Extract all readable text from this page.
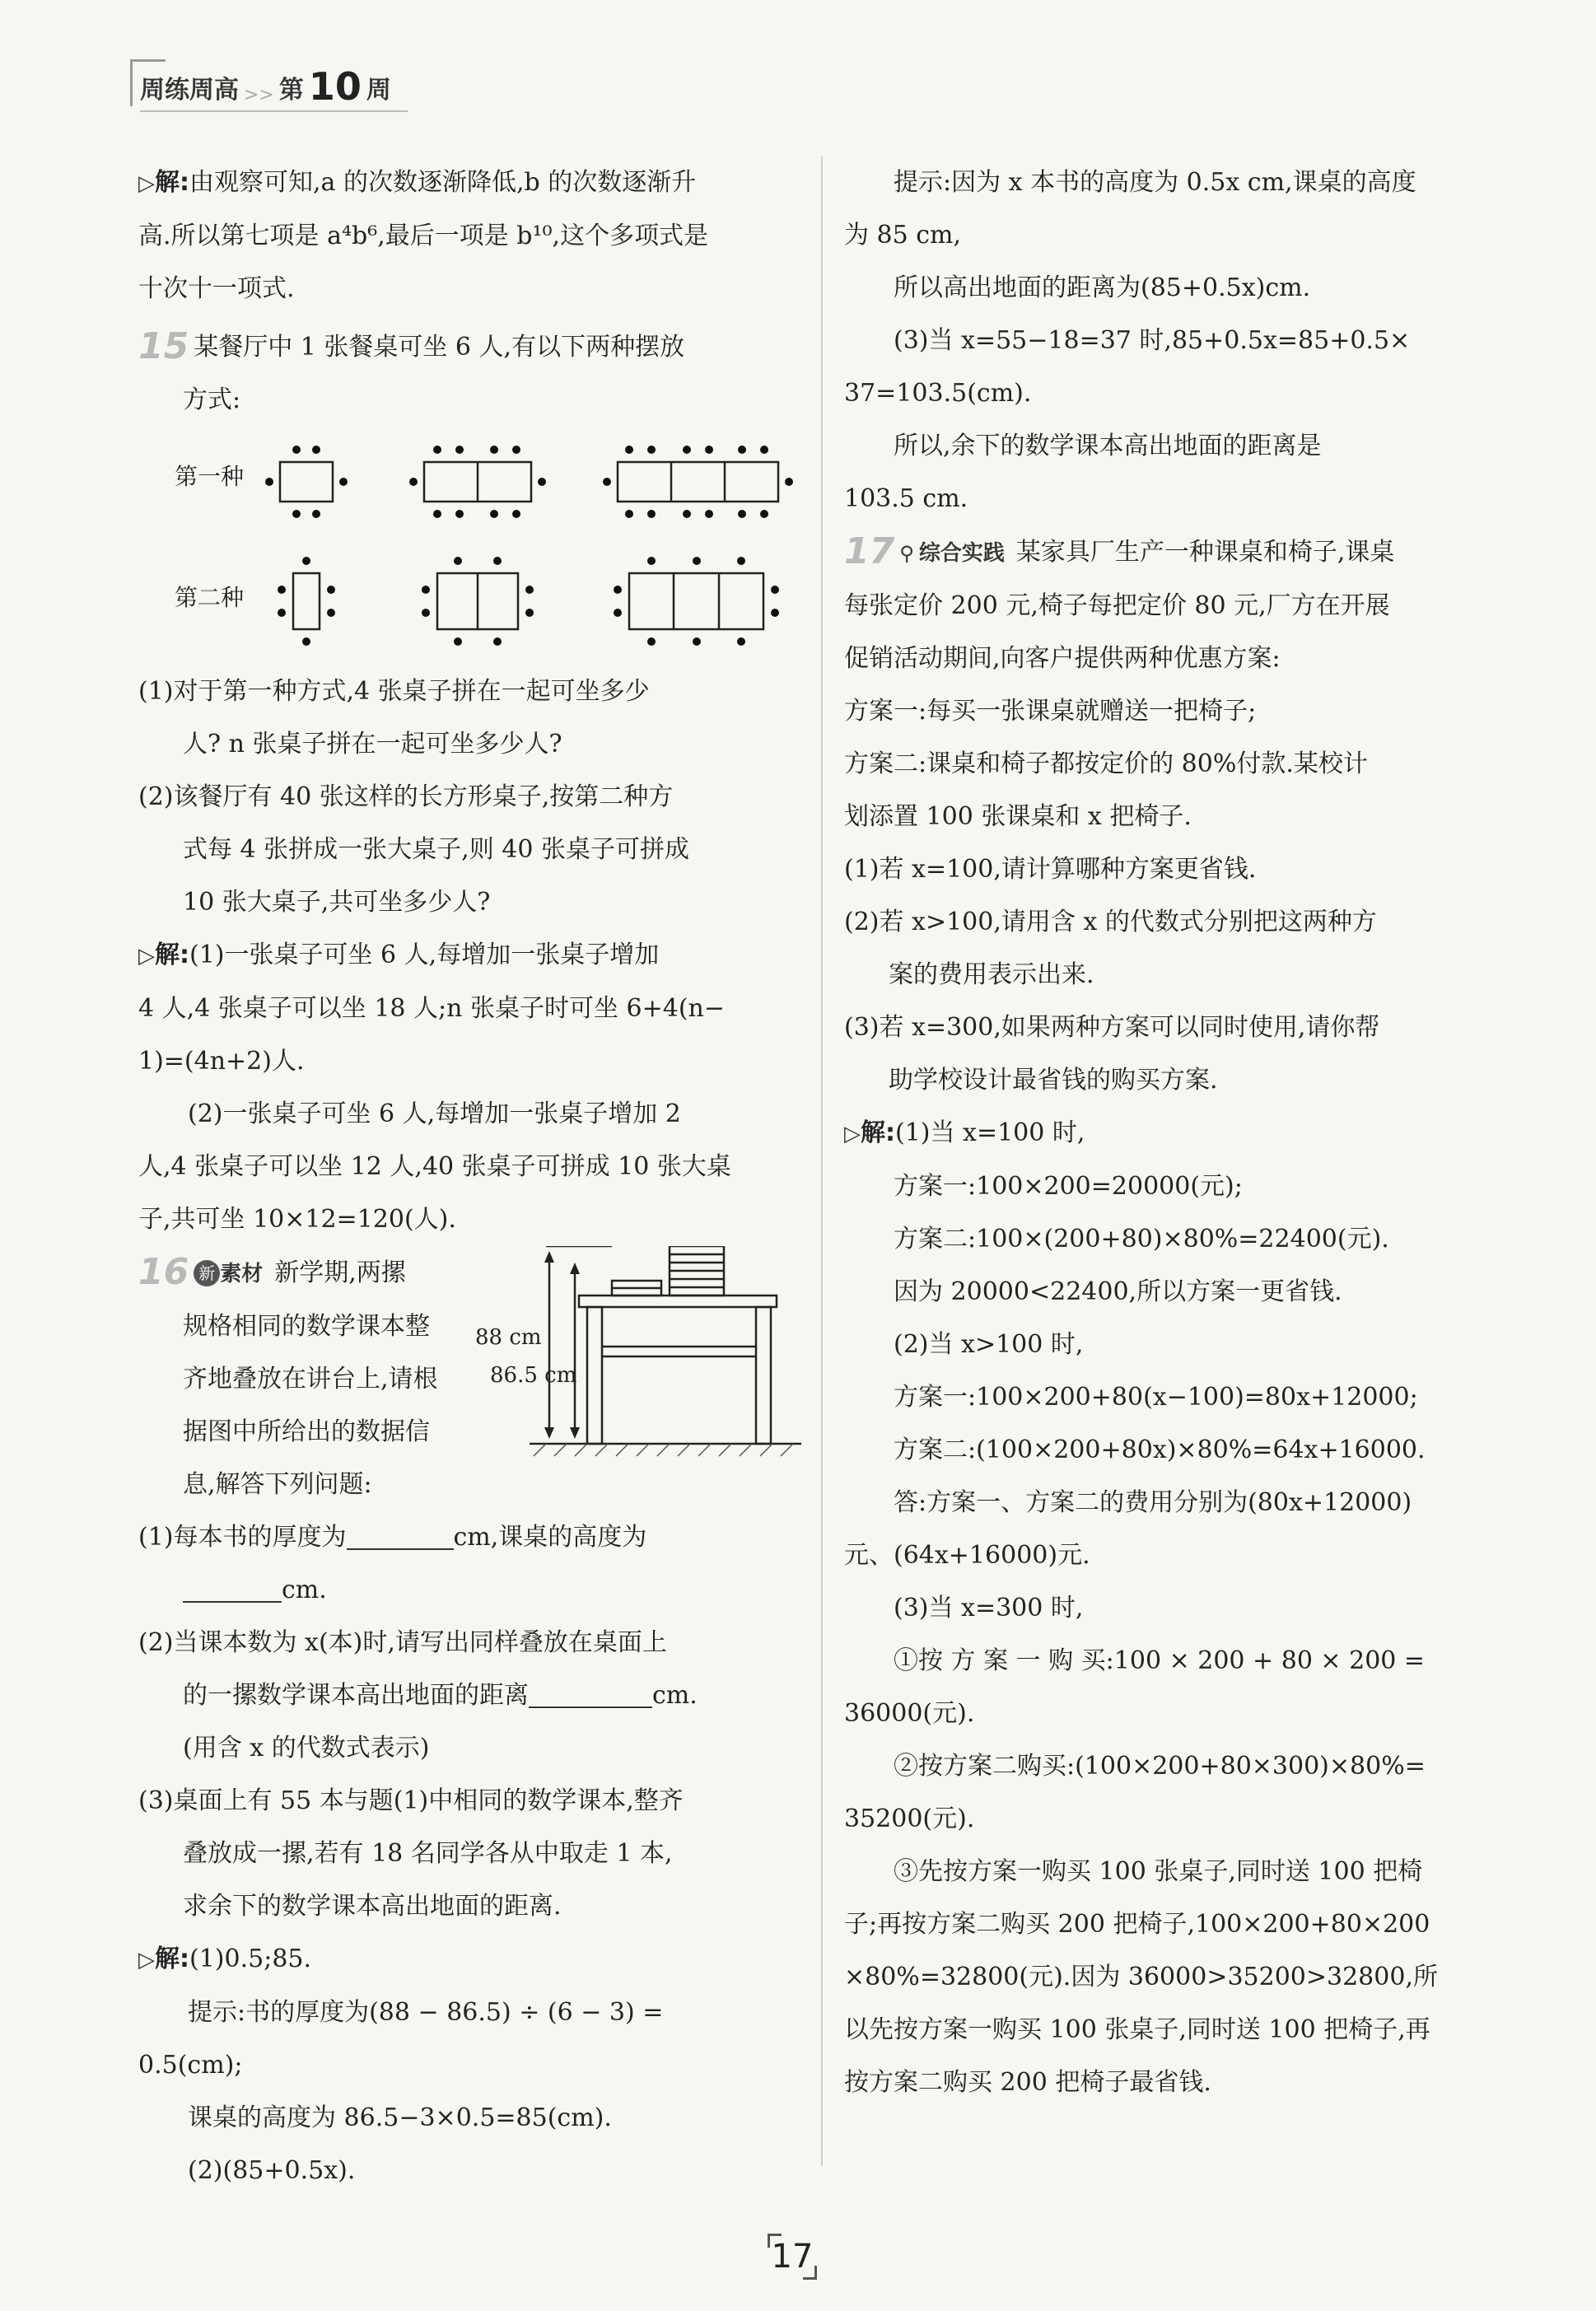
周练周高 >> 第 10 周

▷解:由观察可知,a 的次数逐渐降低,b 的次数逐渐升

高.所以第七项是 a⁴b⁶,最后一项是 b¹⁰,这个多项式是

十次十一项式.

15 某餐厅中 1 张餐桌可坐 6 人,有以下两种摆放

方式:

第一种
第二种

(1)对于第一种方式,4 张桌子拼在一起可坐多少

人? n 张桌子拼在一起可坐多少人?

(2)该餐厅有 40 张这样的长方形桌子,按第二种方

式每 4 张拼成一张大桌子,则 40 张桌子可拼成

10 张大桌子,共可坐多少人?

▷解:(1)一张桌子可坐 6 人,每增加一张桌子增加

4 人,4 张桌子可以坐 18 人;n 张桌子时可坐 6+4(n−

1)=(4n+2)人.

(2)一张桌子可坐 6 人,每增加一张桌子增加 2

人,4 张桌子可以坐 12 人,40 张桌子可拼成 10 张大桌

子,共可坐 10×12=120(人).

88 cm
86.5 cm

16 新 素材 新学期,两摞

规格相同的数学课本整

齐地叠放在讲台上,请根

据图中所给出的数据信

息,解答下列问题:

(1)每本书的厚度为	cm,课桌的高度为

cm.

(2)当课本数为 x(本)时,请写出同样叠放在桌面上

的一摞数学课本高出地面的距离	cm.

(用含 x 的代数式表示)

(3)桌面上有 55 本与题(1)中相同的数学课本,整齐

叠放成一摞,若有 18 名同学各从中取走 1 本,

求余下的数学课本高出地面的距离.

▷解:(1)0.5;85.

提示:书的厚度为(88 − 86.5) ÷ (6 − 3) =

0.5(cm);

课桌的高度为 86.5−3×0.5=85(cm).

(2)(85+0.5x).

提示:因为 x 本书的高度为 0.5x cm,课桌的高度

为 85 cm,

所以高出地面的距离为(85+0.5x)cm.

(3)当 x=55−18=37 时,85+0.5x=85+0.5×

37=103.5(cm).

所以,余下的数学课本高出地面的距离是

103.5 cm.

17 ⚲ 综合实践 某家具厂生产一种课桌和椅子,课桌

每张定价 200 元,椅子每把定价 80 元,厂方在开展

促销活动期间,向客户提供两种优惠方案:

方案一:每买一张课桌就赠送一把椅子;

方案二:课桌和椅子都按定价的 80%付款.某校计

划添置 100 张课桌和 x 把椅子.

(1)若 x=100,请计算哪种方案更省钱.

(2)若 x>100,请用含 x 的代数式分别把这两种方

案的费用表示出来.

(3)若 x=300,如果两种方案可以同时使用,请你帮

助学校设计最省钱的购买方案.

▷解:(1)当 x=100 时,

方案一:100×200=20000(元);

方案二:100×(200+80)×80%=22400(元).

因为 20000<22400,所以方案一更省钱.

(2)当 x>100 时,

方案一:100×200+80(x−100)=80x+12000;

方案二:(100×200+80x)×80%=64x+16000.

答:方案一、方案二的费用分别为(80x+12000)

元、(64x+16000)元.

(3)当 x=300 时,

①按 方 案 一 购 买:100 × 200 + 80 × 200 =

36000(元).

②按方案二购买:(100×200+80×300)×80%=

35200(元).

③先按方案一购买 100 张桌子,同时送 100 把椅

子;再按方案二购买 200 把椅子,100×200+80×200

×80%=32800(元).因为 36000>35200>32800,所

以先按方案一购买 100 张桌子,同时送 100 把椅子,再

按方案二购买 200 把椅子最省钱.

17
